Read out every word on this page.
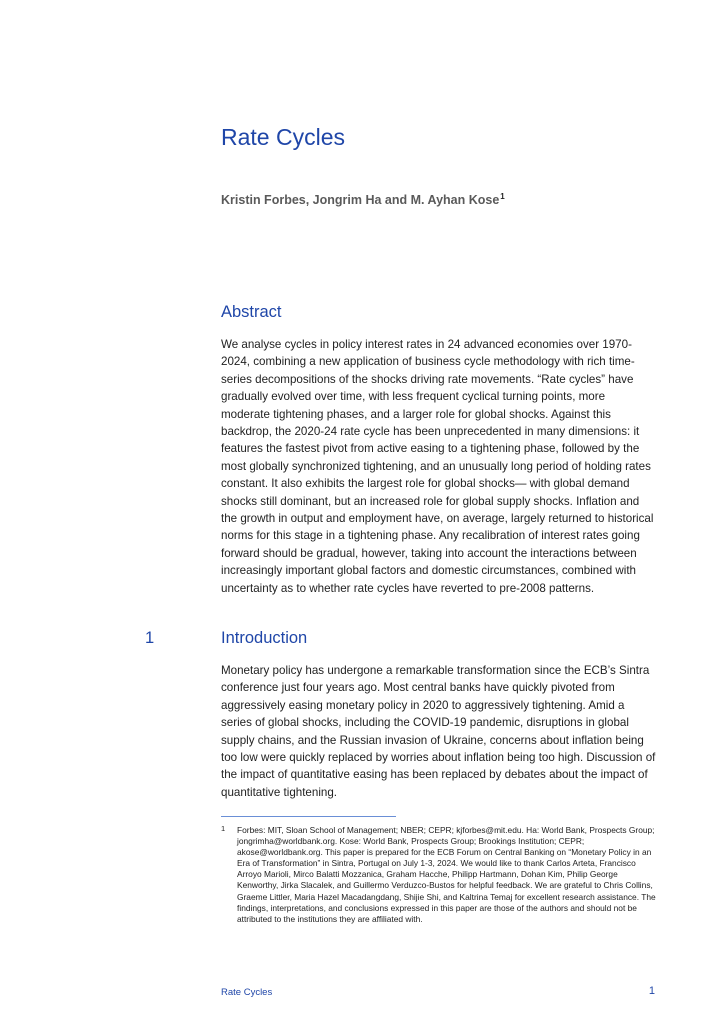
Rate Cycles
Kristin Forbes, Jongrim Ha and M. Ayhan Kose$^1$
Abstract

We analyse cycles in policy interest rates in 24 advanced economies over 1970-2024, combining a new application of business cycle methodology with rich time-series decompositions of the shocks driving rate movements. “Rate cycles” have gradually evolved over time, with less frequent cyclical turning points, more moderate tightening phases, and a larger role for global shocks. Against this backdrop, the 2020-24 rate cycle has been unprecedented in many dimensions: it features the fastest pivot from active easing to a tightening phase, followed by the most globally synchronized tightening, and an unusually long period of holding rates constant. It also exhibits the largest role for global shocks— with global demand shocks still dominant, but an increased role for global supply shocks. Inflation and the growth in output and employment have, on average, largely returned to historical norms for this stage in a tightening phase. Any recalibration of interest rates going forward should be gradual, however, taking into account the interactions between increasingly important global factors and domestic circumstances, combined with uncertainty as to whether rate cycles have reverted to pre-2008 patterns.

1	Introduction

Monetary policy has undergone a remarkable transformation since the ECB’s Sintra conference just four years ago. Most central banks have quickly pivoted from aggressively easing monetary policy in 2020 to aggressively tightening. Amid a series of global shocks, including the COVID-19 pandemic, disruptions in global supply chains, and the Russian invasion of Ukraine, concerns about inflation being too low were quickly replaced by worries about inflation being too high. Discussion of the impact of quantitative easing has been replaced by debates about the impact of quantitative tightening.

1 Forbes: MIT, Sloan School of Management; NBER; CEPR; kjforbes@mit.edu. Ha: World Bank, Prospects Group; jongrimha@worldbank.org. Kose: World Bank, Prospects Group; Brookings Institution; CEPR; akose@worldbank.org. This paper is prepared for the ECB Forum on Central Banking on “Monetary Policy in an Era of Transformation” in Sintra, Portugal on July 1-3, 2024. We would like to thank Carlos Arteta, Francisco Arroyo Marioli, Mirco Balatti Mozzanica, Graham Hacche, Philipp Hartmann, Dohan Kim, Philip George Kenworthy, Jirka Slacalek, and Guillermo Verduzco-Bustos for helpful feedback. We are grateful to Chris Collins, Graeme Littler, Maria Hazel Macadangdang, Shijie Shi, and Kaltrina Temaj for excellent research assistance. The findings, interpretations, and conclusions expressed in this paper are those of the authors and should not be attributed to the institutions they are affiliated with.

Rate Cycles	1
